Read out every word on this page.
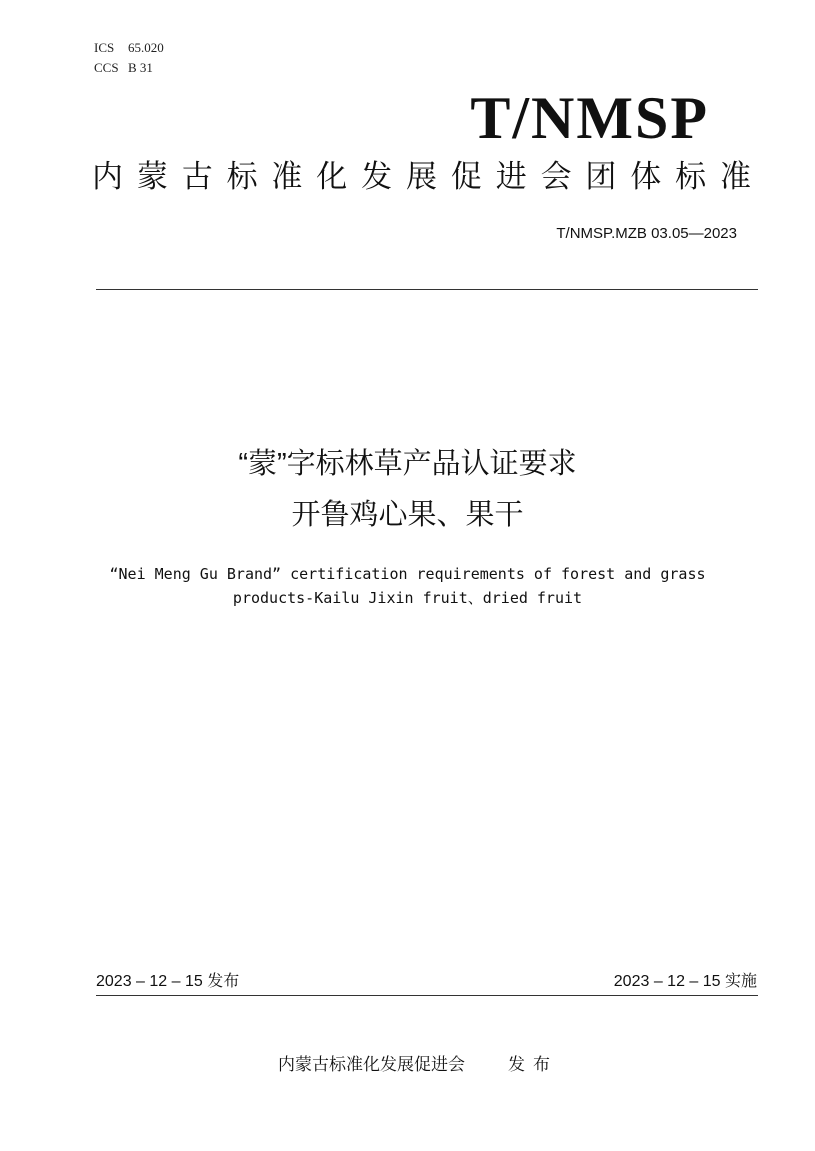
ICS 65.020
CCS B 31
T/NMSP
内蒙古标准化发展促进会团体标准
T/NMSP.MZB 03.05—2023
“蒙”字标林草产品认证要求
开鲁鸡心果、果干
“Nei Meng Gu Brand” certification requirements of forest and grass
products-Kailu Jixin fruit、dried fruit
2023 – 12 – 15 发布	2023 – 12 – 15 实施
内蒙古标准化发展促进会	发布
